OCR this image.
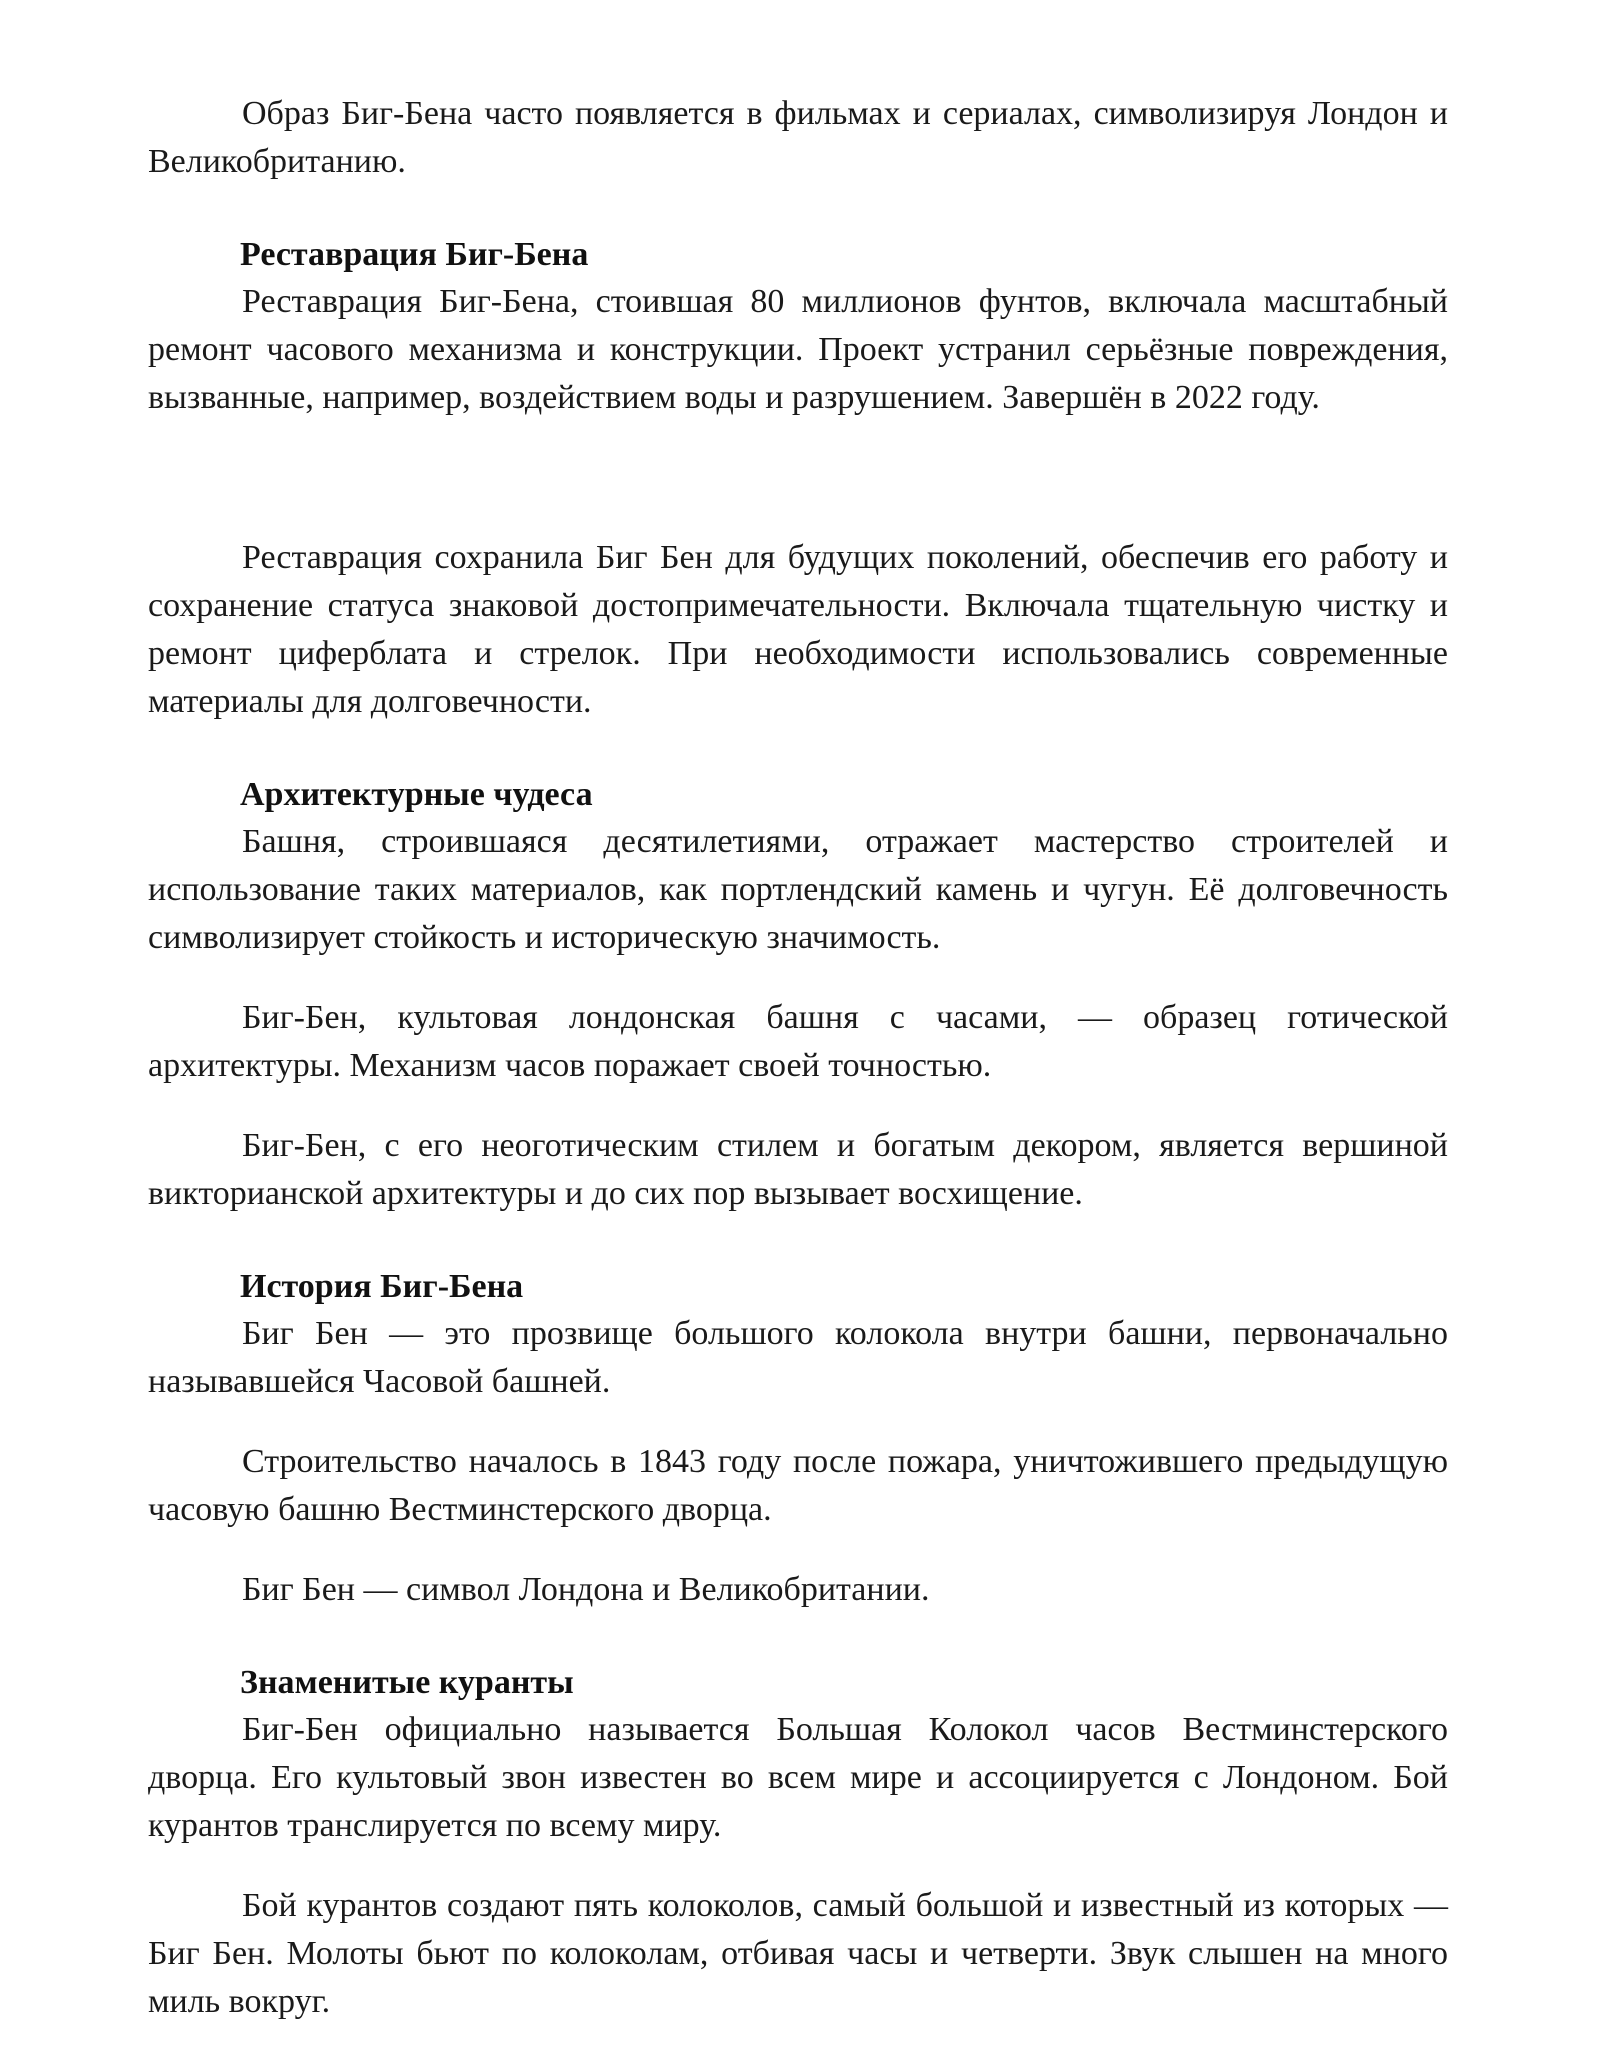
Образ Биг-Бена часто появляется в фильмах и сериалах, символизируя Лондон и Великобританию.

Реставрация Биг-Бена

Реставрация Биг-Бена, стоившая 80 миллионов фунтов, включала масштабный ремонт часового механизма и конструкции. Проект устранил серьёзные повреждения, вызванные, например, воздействием воды и разрушением. Завершён в 2022 году.

Реставрация сохранила Биг Бен для будущих поколений, обеспечив его работу и сохранение статуса знаковой достопримечательности. Включала тщательную чистку и ремонт циферблата и стрелок. При необходимости использовались современные материалы для долговечности.

Архитектурные чудеса

Башня, строившаяся десятилетиями, отражает мастерство строителей и использование таких материалов, как портлендский камень и чугун. Её долговечность символизирует стойкость и историческую значимость.

Биг-Бен, культовая лондонская башня с часами, — образец готической архитектуры. Механизм часов поражает своей точностью.

Биг-Бен, с его неоготическим стилем и богатым декором, является вершиной викторианской архитектуры и до сих пор вызывает восхищение.

История Биг-Бена

Биг Бен — это прозвище большого колокола внутри башни, первоначально называвшейся Часовой башней.

Строительство началось в 1843 году после пожара, уничтожившего предыдущую часовую башню Вестминстерского дворца.

Биг Бен — символ Лондона и Великобритании.

Знаменитые куранты

Биг-Бен официально называется Большая Колокол часов Вестминстерского дворца. Его культовый звон известен во всем мире и ассоциируется с Лондоном. Бой курантов транслируется по всему миру.

Бой курантов создают пять колоколов, самый большой и известный из которых — Биг Бен. Молоты бьют по колоколам, отбивая часы и четверти. Звук слышен на много миль вокруг.
